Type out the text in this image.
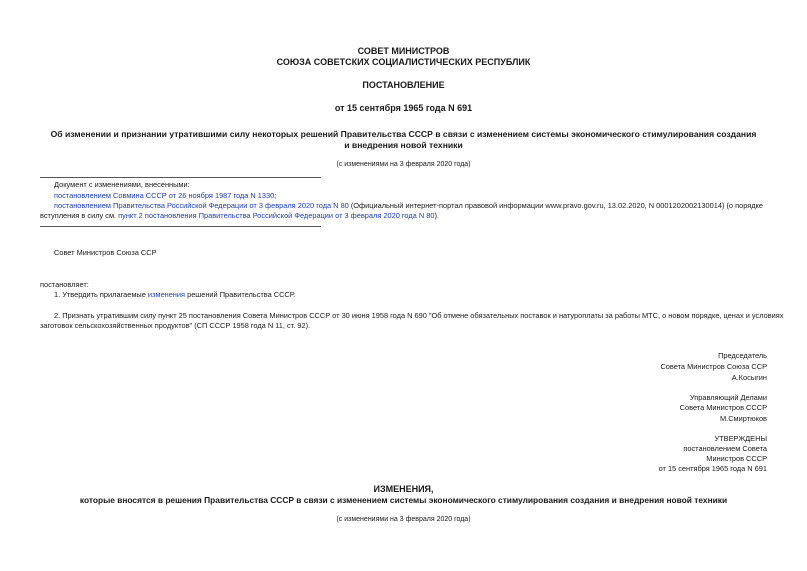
СОВЕТ МИНИСТРОВ
СОЮЗА СОВЕТСКИХ СОЦИАЛИСТИЧЕСКИХ РЕСПУБЛИК
ПОСТАНОВЛЕНИЕ
от 15 сентября 1965 года N 691
Об изменении и признании утратившими силу некоторых решений Правительства СССР в связи с изменением системы экономического стимулирования создания
и внедрения новой техники
(с изменениями на 3 февраля 2020 года)
Документ с изменениями, внесенными:
постановлением Совмина СССР от 26 ноября 1987 года N 1330;
постановлением Правительства Российской Федерации от 3 февраля 2020 года N 80 (Официальный интернет-портал правовой информации www.pravo.gov.ru, 13.02.2020, N 0001202002130014) (о порядке
вступления в силу см. пункт 2 постановления Правительства Российской Федерации от 3 февраля 2020 года N 80).
Совет Министров Союза ССР
постановляет:
1. Утвердить прилагаемые изменения решений Правительства СССР.
2. Признать утратившим силу пункт 25 постановления Совета Министров СССР от 30 июня 1958 года N 690 "Об отмене обязательных поставок и натуроплаты за работы МТС, о новом порядке, ценах и условиях
заготовок сельскохозяйственных продуктов" (СП СССР 1958 года N 11, ст. 92).
Председатель
Совета Министров Союза ССР
А.Косыгин
Управляющий Делами
Совета Министров СССР
М.Смиртюков
УТВЕРЖДЕНЫ
постановлением Совета
Министров СССР
от 15 сентября 1965 года N 691
ИЗМЕНЕНИЯ,
которые вносятся в решения Правительства СССР в связи с изменением системы экономического стимулирования создания и внедрения новой техники
(с изменениями на 3 февраля 2020 года)
